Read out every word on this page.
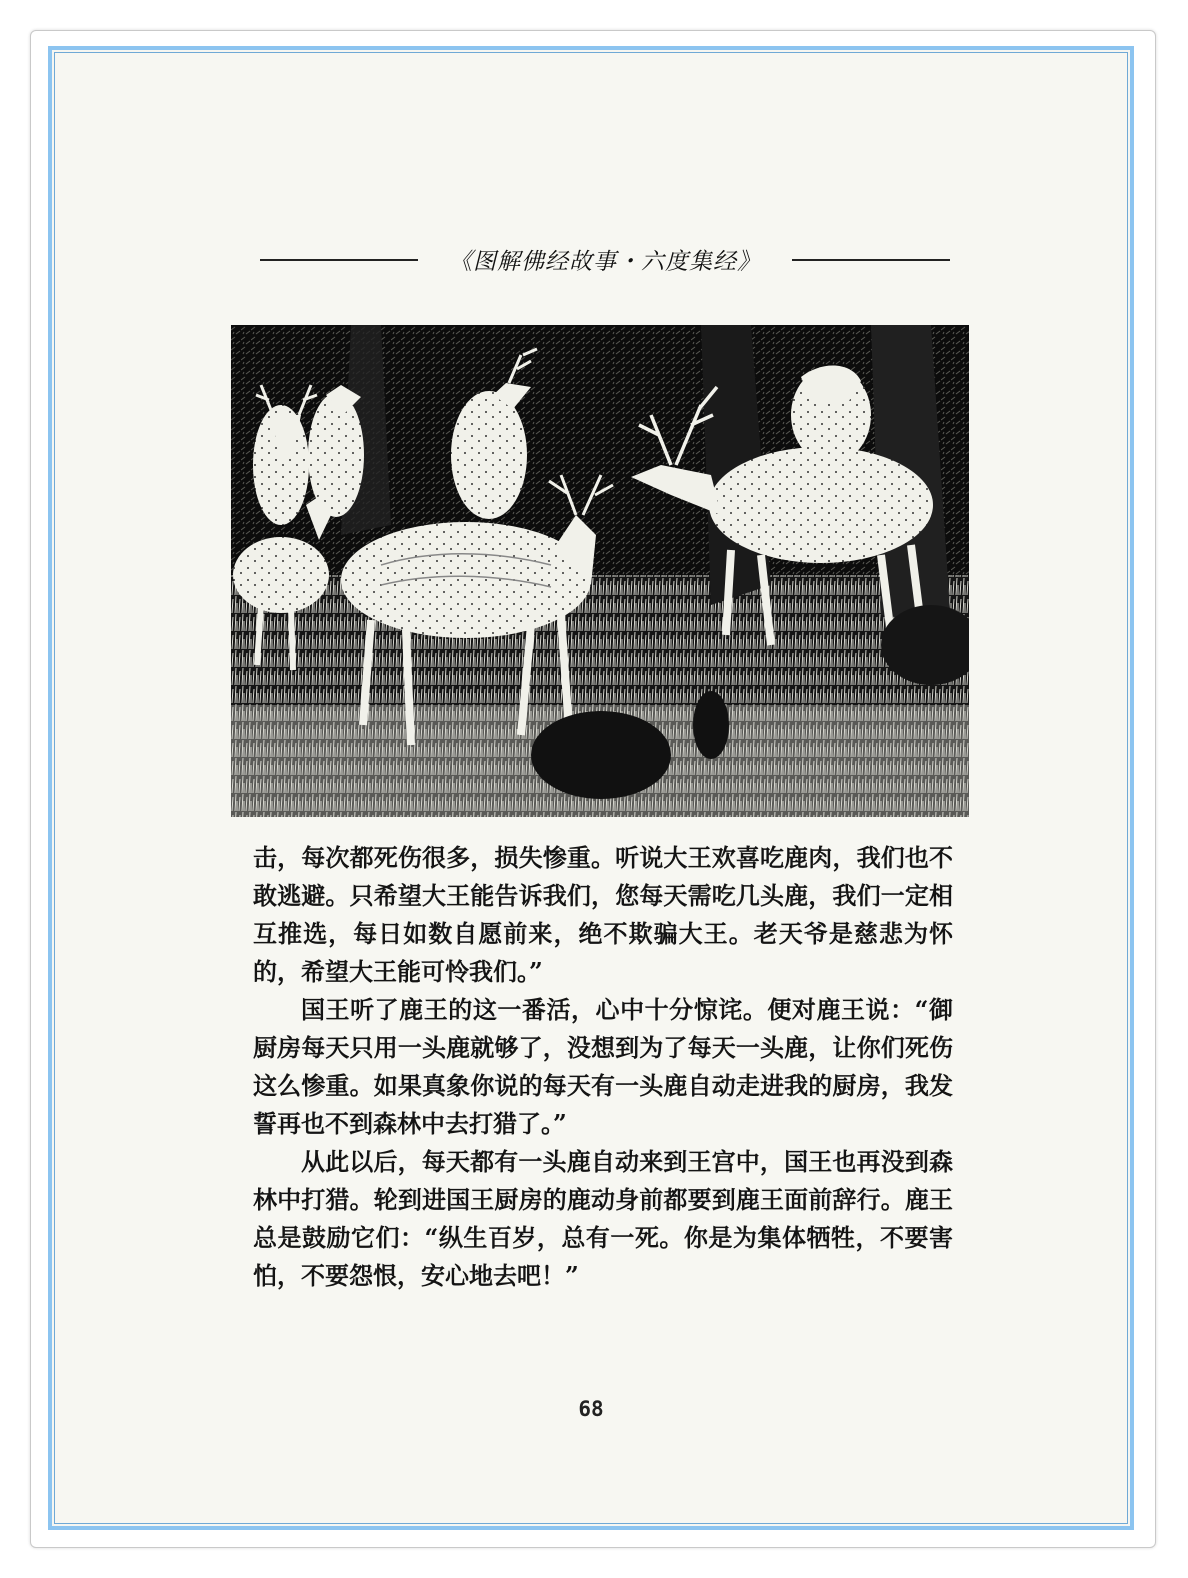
《图解佛经故事・六度集经》

击，每次都死伤很多，损失惨重。听说大王欢喜吃鹿肉，我们也不敢逃避。只希望大王能告诉我们，您每天需吃几头鹿，我们一定相互推选，每日如数自愿前来，绝不欺骗大王。老天爷是慈悲为怀的，希望大王能可怜我们。”

国王听了鹿王的这一番活，心中十分惊诧。便对鹿王说：“御厨房每天只用一头鹿就够了，没想到为了每天一头鹿，让你们死伤这么惨重。如果真象你说的每天有一头鹿自动走进我的厨房，我发誓再也不到森林中去打猎了。”

从此以后，每天都有一头鹿自动来到王宫中，国王也再没到森林中打猎。轮到进国王厨房的鹿动身前都要到鹿王面前辞行。鹿王总是鼓励它们：“纵生百岁，总有一死。你是为集体牺牲，不要害怕，不要怨恨，安心地去吧！”

68
